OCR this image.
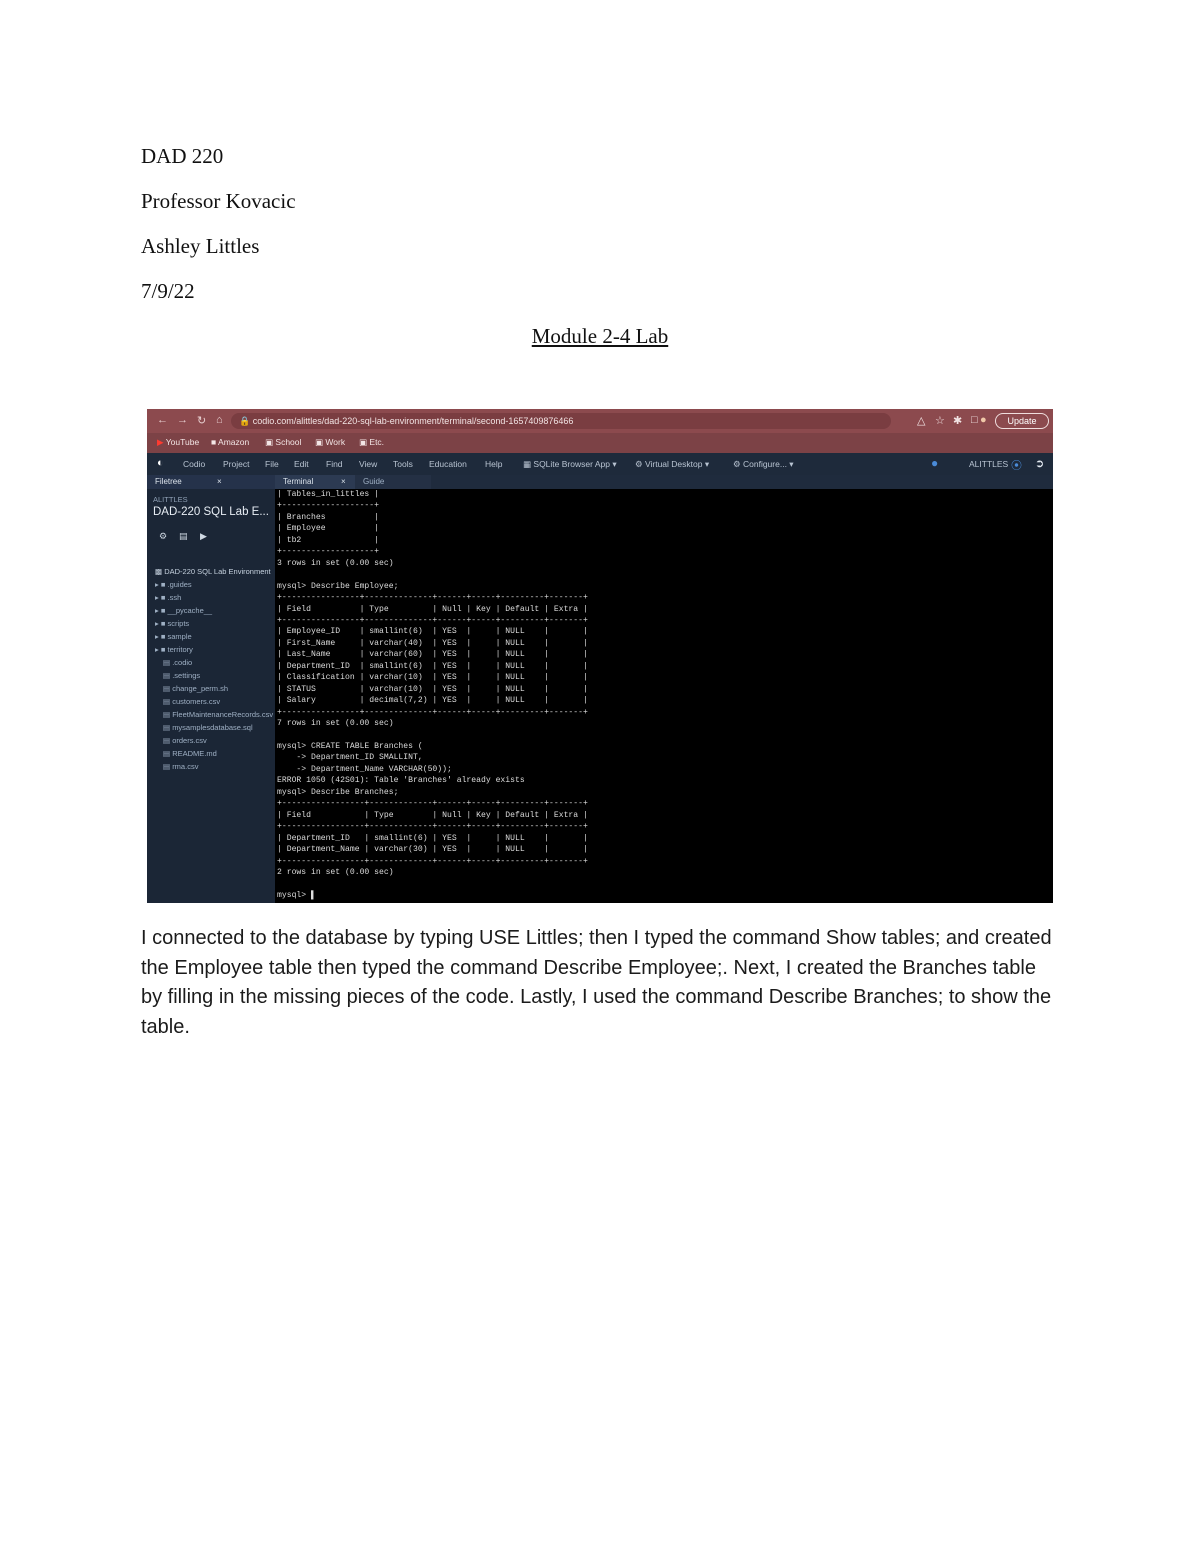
DAD 220
Professor Kovacic
Ashley Littles
7/9/22
Module 2-4 Lab
← → ↻ ⌂	🔒 codio.com/alittles/dad-220-sql-lab-environment/terminal/second-1657409876466	△ ☆ ✱ □ ●	Update
▶ YouTube ■ Amazon ▣ School ▣ Work ▣ Etc.
◐ Codio Project File Edit Find View Tools Education Help ▦ SQLite Browser App ▾ ⚙ Virtual Desktop ▾	⚙ Configure... ▾	●	ALITTLES ⦿ ➲
Filetree	×
ALITTLES
DAD-220 SQL Lab E...
⚙ ▤ ▶
▩ DAD-220 SQL Lab Environment
▸ ■ .guides
▸ ■ .ssh
▸ ■ __pycache__
▸ ■ scripts
▸ ■ sample
▸ ■ territory
▤ .codio
▤ .settings
▤ change_perm.sh
▤ customers.csv
▤ FleetMaintenanceRecords.csv
▤ mysamplesdatabase.sql
▤ orders.csv
▤ README.md
▤ rma.csv
Terminal	×	Guide
| Tables_in_littles |
+-------------------+
| Branches          |
| Employee          |
| tb2               |
+-------------------+
3 rows in set (0.00 sec)

mysql> Describe Employee;
+----------------+--------------+------+-----+---------+-------+
| Field          | Type         | Null | Key | Default | Extra |
+----------------+--------------+------+-----+---------+-------+
| Employee_ID    | smallint(6)  | YES  |     | NULL    |       |
| First_Name     | varchar(40)  | YES  |     | NULL    |       |
| Last_Name      | varchar(60)  | YES  |     | NULL    |       |
| Department_ID  | smallint(6)  | YES  |     | NULL    |       |
| Classification | varchar(10)  | YES  |     | NULL    |       |
| STATUS         | varchar(10)  | YES  |     | NULL    |       |
| Salary         | decimal(7,2) | YES  |     | NULL    |       |
+----------------+--------------+------+-----+---------+-------+
7 rows in set (0.00 sec)

mysql> CREATE TABLE Branches (
-> Department_ID SMALLINT,
-> Department_Name VARCHAR(50));
ERROR 1050 (42S01): Table 'Branches' already exists
mysql> Describe Branches;
+-----------------+-------------+------+-----+---------+-------+
| Field           | Type        | Null | Key | Default | Extra |
+-----------------+-------------+------+-----+---------+-------+
| Department_ID   | smallint(6) | YES  |     | NULL    |       |
| Department_Name | varchar(30) | YES  |     | NULL    |       |
+-----------------+-------------+------+-----+---------+-------+
2 rows in set (0.00 sec)

mysql> ▌
I connected to the database by typing USE Littles; then I typed the command Show tables; and created the Employee table then typed the command Describe Employee;. Next, I created the Branches table by filling in the missing pieces of the code. Lastly, I used the command Describe Branches; to show the table.
